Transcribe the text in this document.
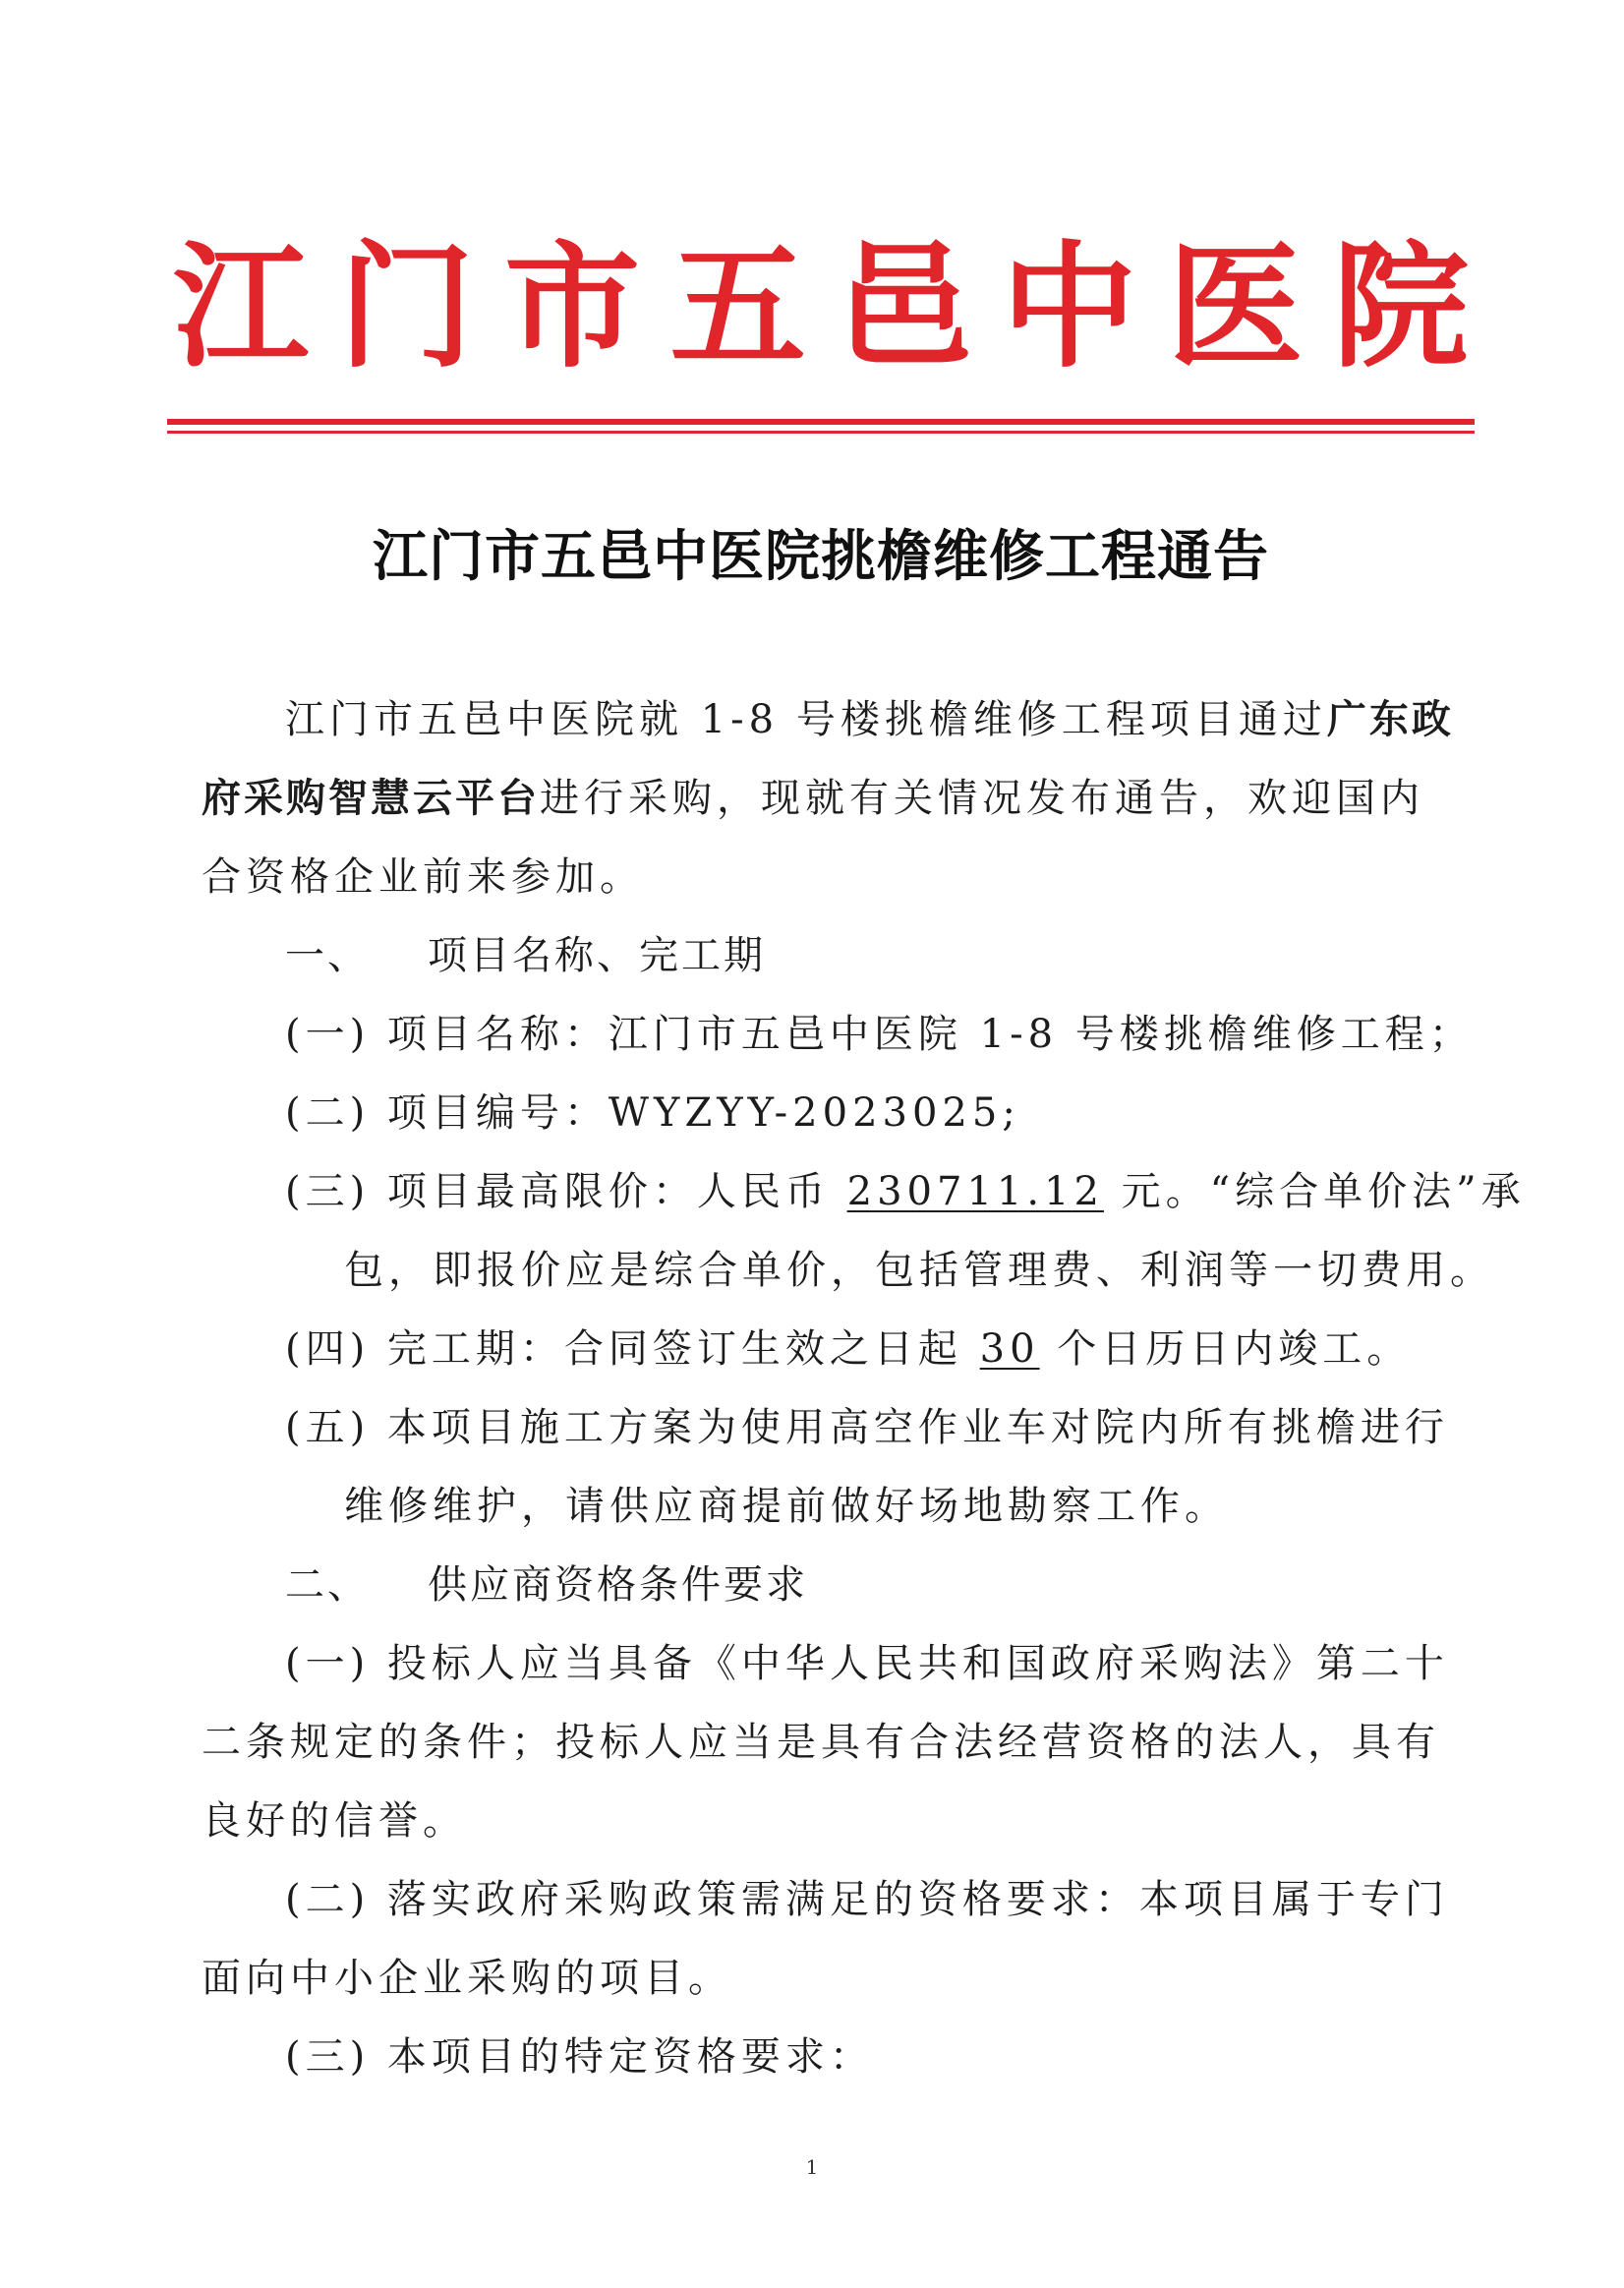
江 门 市 五 邑 中 医 院
江门市五邑中医院挑檐维修工程通告
江门市五邑中医院就 1-8 号楼挑檐维修工程项目通过广东政
府采购智慧云平台进行采购，现就有关情况发布通告，欢迎国内
合资格企业前来参加。
一、 项目名称、完工期
(一) 项目名称：江门市五邑中医院 1-8 号楼挑檐维修工程；
(二) 项目编号：WYZYY-2023025;
(三) 项目最高限价：人民币 230711.12 元。“综合单价法”承
包，即报价应是综合单价，包括管理费、利润等一切费用。
(四) 完工期：合同签订生效之日起 30 个日历日内竣工。
(五) 本项目施工方案为使用高空作业车对院内所有挑檐进行
维修维护，请供应商提前做好场地勘察工作。
二、 供应商资格条件要求
(一) 投标人应当具备《中华人民共和国政府采购法》第二十
二条规定的条件；投标人应当是具有合法经营资格的法人，具有
良好的信誉。
(二) 落实政府采购政策需满足的资格要求：本项目属于专门
面向中小企业采购的项目。
(三) 本项目的特定资格要求：
1
